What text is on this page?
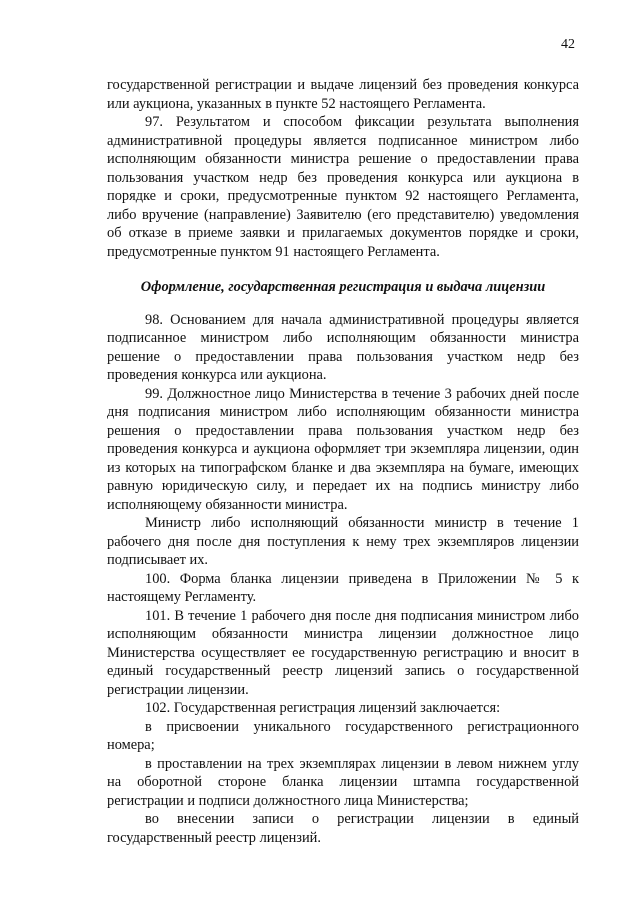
42

государственной регистрации и выдаче лицензий без проведения конкурса или аукциона, указанных в пункте 52 настоящего Регламента.

97. Результатом и способом фиксации результата выполнения административной процедуры является подписанное министром либо исполняющим обязанности министра решение о предоставлении права пользования участком недр без проведения конкурса или аукциона в порядке и сроки, предусмотренные пунктом 92 настоящего Регламента, либо вручение (направление) Заявителю (его представителю) уведомления об отказе в приеме заявки и прилагаемых документов порядке и сроки, предусмотренные пунктом 91 настоящего Регламента.

Оформление, государственная регистрация и выдача лицензии

98. Основанием для начала административной процедуры является подписанное министром либо исполняющим обязанности министра решение о предоставлении права пользования участком недр без проведения конкурса или аукциона.

99. Должностное лицо Министерства в течение 3 рабочих дней после дня подписания министром либо исполняющим обязанности министра решения о предоставлении права пользования участком недр без проведения конкурса и аукциона оформляет три экземпляра лицензии, один из которых на типографском бланке и два экземпляра на бумаге, имеющих равную юридическую силу, и передает их на подпись министру либо исполняющему обязанности министра.

Министр либо исполняющий обязанности министр в течение 1 рабочего дня после дня поступления к нему трех экземпляров лицензии подписывает их.

100. Форма бланка лицензии приведена в Приложении № 5 к настоящему Регламенту.

101. В течение 1 рабочего дня после дня подписания министром либо исполняющим обязанности министра лицензии должностное лицо Министерства осуществляет ее государственную регистрацию и вносит в единый государственный реестр лицензий запись о государственной регистрации лицензии.

102. Государственная регистрация лицензий заключается:

в присвоении уникального государственного регистрационного номера;

в проставлении на трех экземплярах лицензии в левом нижнем углу на оборотной стороне бланка лицензии штампа государственной регистрации и подписи должностного лица Министерства;

во внесении записи о регистрации лицензии в единый государственный реестр лицензий.
